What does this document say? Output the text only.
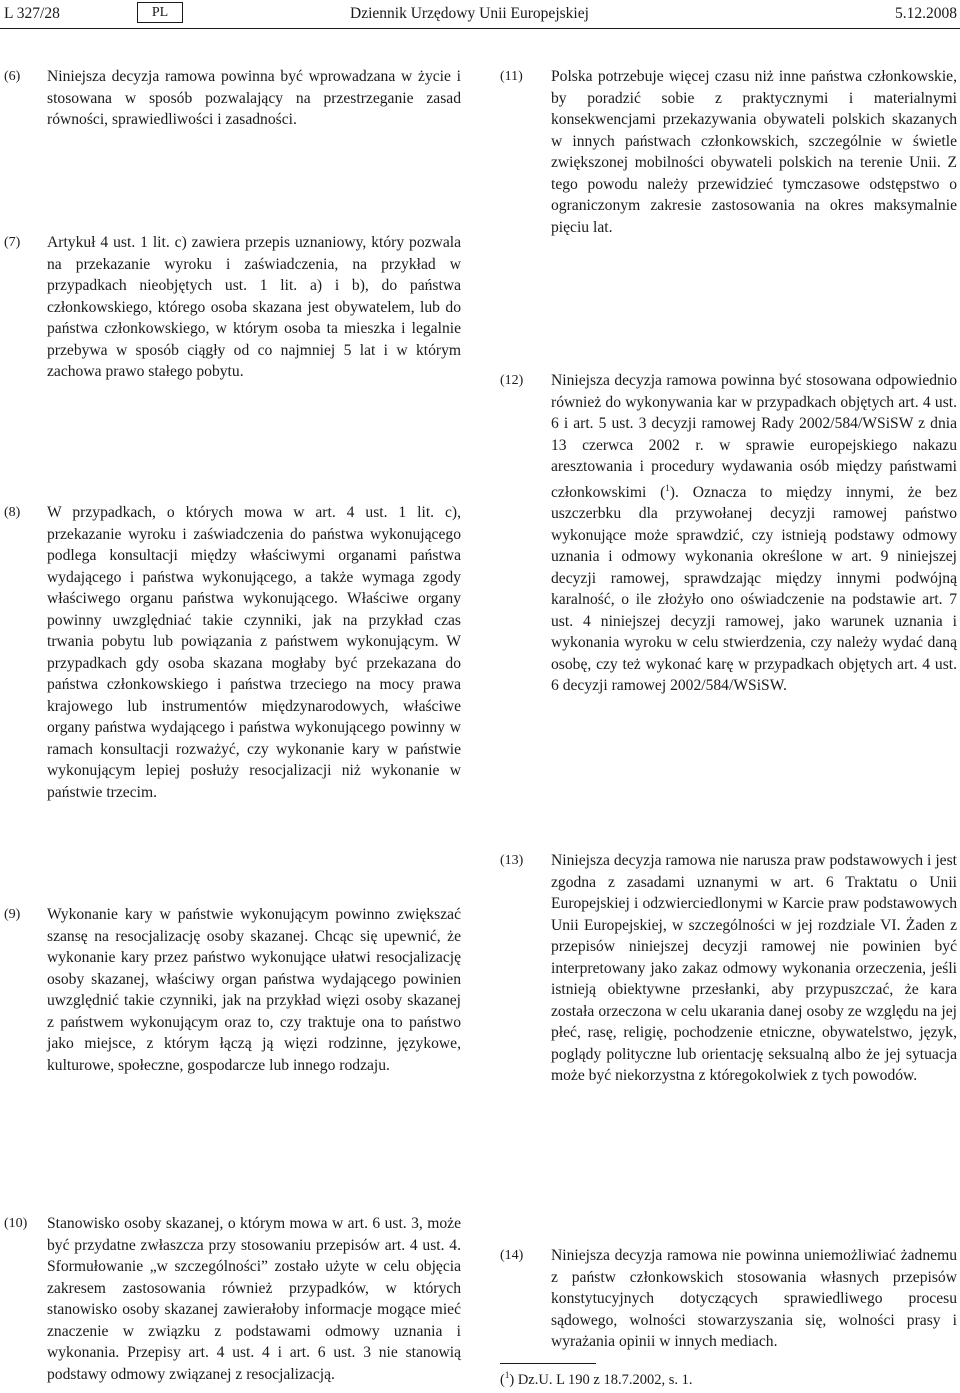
L 327/28	PL	Dziennik Urzędowy Unii Europejskiej	5.12.2008
(6) Niniejsza decyzja ramowa powinna być wprowadzana w życie i stosowana w sposób pozwalający na przestrzeganie zasad równości, sprawiedliwości i zasadności.
(7) Artykuł 4 ust. 1 lit. c) zawiera przepis uznaniowy, który pozwala na przekazanie wyroku i zaświadczenia, na przykład w przypadkach nieobjętych ust. 1 lit. a) i b), do państwa członkowskiego, którego osoba skazana jest obywatelem, lub do państwa członkowskiego, w którym osoba ta mieszka i legalnie przebywa w sposób ciągły od co najmniej 5 lat i w którym zachowa prawo stałego pobytu.
(8) W przypadkach, o których mowa w art. 4 ust. 1 lit. c), przekazanie wyroku i zaświadczenia do państwa wykonującego podlega konsultacji między właściwymi organami państwa wydającego i państwa wykonującego, a także wymaga zgody właściwego organu państwa wykonującego. Właściwe organy powinny uwzględniać takie czynniki, jak na przykład czas trwania pobytu lub powiązania z państwem wykonującym. W przypadkach gdy osoba skazana mogłaby być przekazana do państwa członkowskiego i państwa trzeciego na mocy prawa krajowego lub instrumentów międzynarodowych, właściwe organy państwa wydającego i państwa wykonującego powinny w ramach konsultacji rozważyć, czy wykonanie kary w państwie wykonującym lepiej posłuży resocjalizacji niż wykonanie w państwie trzecim.
(9) Wykonanie kary w państwie wykonującym powinno zwiększać szansę na resocjalizację osoby skazanej. Chcąc się upewnić, że wykonanie kary przez państwo wykonujące ułatwi resocjalizację osoby skazanej, właściwy organ państwa wydającego powinien uwzględnić takie czynniki, jak na przykład więzi osoby skazanej z państwem wykonującym oraz to, czy traktuje ona to państwo jako miejsce, z którym łączą ją więzi rodzinne, językowe, kulturowe, społeczne, gospodarcze lub innego rodzaju.
(10) Stanowisko osoby skazanej, o którym mowa w art. 6 ust. 3, może być przydatne zwłaszcza przy stosowaniu przepisów art. 4 ust. 4. Sformułowanie „w szczególności” zostało użyte w celu objęcia zakresem zastosowania również przypadków, w których stanowisko osoby skazanej zawierałoby informacje mogące mieć znaczenie w związku z podstawami odmowy uznania i wykonania. Przepisy art. 4 ust. 4 i art. 6 ust. 3 nie stanowią podstawy odmowy związanej z resocjalizacją.
(11) Polska potrzebuje więcej czasu niż inne państwa członkowskie, by poradzić sobie z praktycznymi i materialnymi konsekwencjami przekazywania obywateli polskich skazanych w innych państwach członkowskich, szczególnie w świetle zwiększonej mobilności obywateli polskich na terenie Unii. Z tego powodu należy przewidzieć tymczasowe odstępstwo o ograniczonym zakresie zastosowania na okres maksymalnie pięciu lat.
(12) Niniejsza decyzja ramowa powinna być stosowana odpowiednio również do wykonywania kar w przypadkach objętych art. 4 ust. 6 i art. 5 ust. 3 decyzji ramowej Rady 2002/584/WSiSW z dnia 13 czerwca 2002 r. w sprawie europejskiego nakazu aresztowania i procedury wydawania osób między państwami członkowskimi ($^1$). Oznacza to między innymi, że bez uszczerbku dla przywołanej decyzji ramowej państwo wykonujące może sprawdzić, czy istnieją podstawy odmowy uznania i odmowy wykonania określone w art. 9 niniejszej decyzji ramowej, sprawdzając między innymi podwójną karalność, o ile złożyło ono oświadczenie na podstawie art. 7 ust. 4 niniejszej decyzji ramowej, jako warunek uznania i wykonania wyroku w celu stwierdzenia, czy należy wydać daną osobę, czy też wykonać karę w przypadkach objętych art. 4 ust. 6 decyzji ramowej 2002/584/WSiSW.
(13) Niniejsza decyzja ramowa nie narusza praw podstawowych i jest zgodna z zasadami uznanymi w art. 6 Traktatu o Unii Europejskiej i odzwierciedlonymi w Karcie praw podstawowych Unii Europejskiej, w szczególności w jej rozdziale VI. Żaden z przepisów niniejszej decyzji ramowej nie powinien być interpretowany jako zakaz odmowy wykonania orzeczenia, jeśli istnieją obiektywne przesłanki, aby przypuszczać, że kara została orzeczona w celu ukarania danej osoby ze względu na jej płeć, rasę, religię, pochodzenie etniczne, obywatelstwo, język, poglądy polityczne lub orientację seksualną albo że jej sytuacja może być niekorzystna z któregokolwiek z tych powodów.
(14) Niniejsza decyzja ramowa nie powinna uniemożliwiać żadnemu z państw członkowskich stosowania własnych przepisów konstytucyjnych dotyczących sprawiedliwego procesu sądowego, wolności stowarzyszania się, wolności prasy i wyrażania opinii w innych mediach.
($^1$) Dz.U. L 190 z 18.7.2002, s. 1.
